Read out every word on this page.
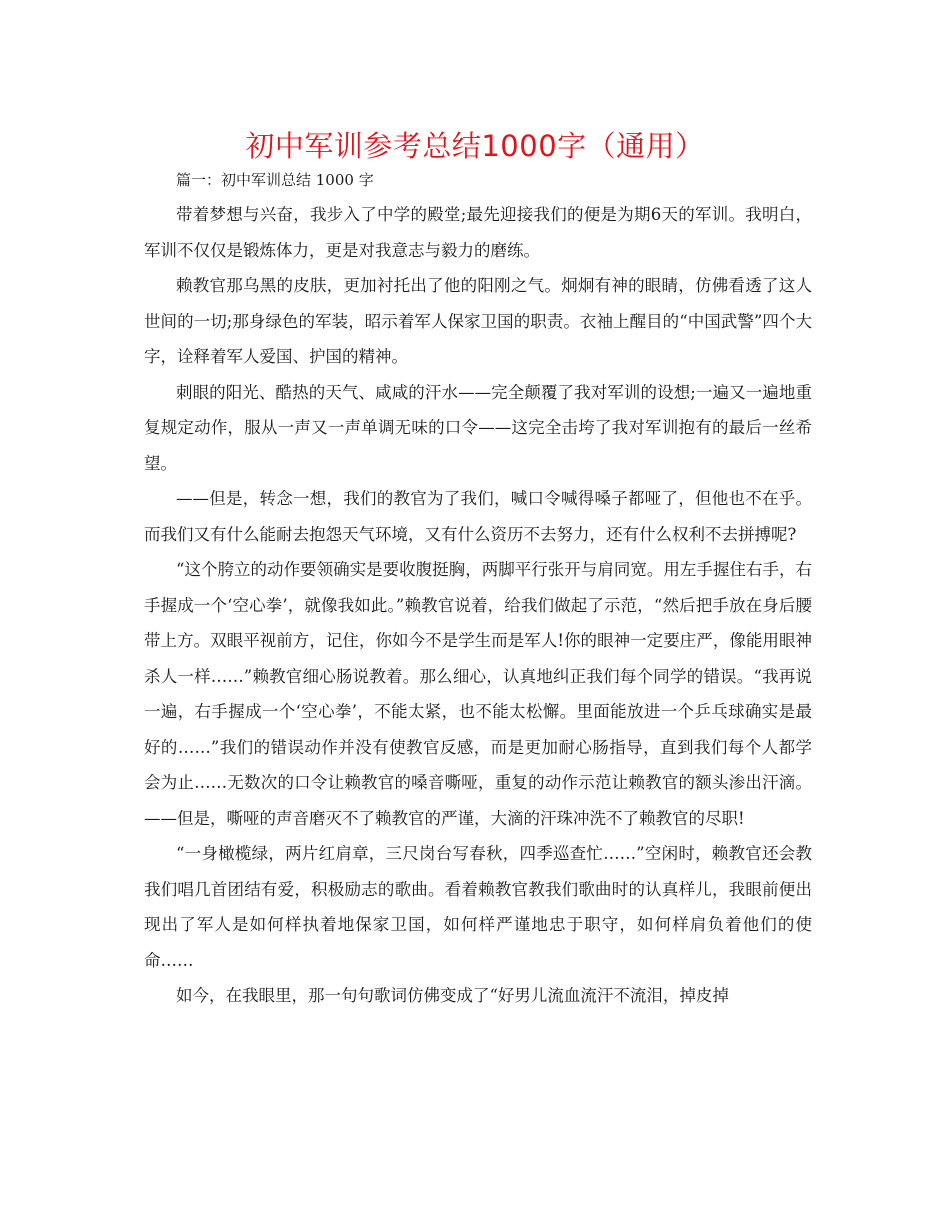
初中军训参考总结1000字（通用）

篇一：初中军训总结 1000 字

带着梦想与兴奋，我步入了中学的殿堂;最先迎接我们的便是为期6天的军训。我明白，军训不仅仅是锻炼体力，更是对我意志与毅力的磨练。

赖教官那乌黑的皮肤，更加衬托出了他的阳刚之气。炯炯有神的眼睛，仿佛看透了这人世间的一切;那身绿色的军装，昭示着军人保家卫国的职责。衣袖上醒目的“中国武警”四个大字，诠释着军人爱国、护国的精神。

刺眼的阳光、酷热的天气、咸咸的汗水——完全颠覆了我对军训的设想;一遍又一遍地重复规定动作，服从一声又一声单调无味的口令——这完全击垮了我对军训抱有的最后一丝希望。

——但是，转念一想，我们的教官为了我们，喊口令喊得嗓子都哑了，但他也不在乎。而我们又有什么能耐去抱怨天气环境，又有什么资历不去努力，还有什么权利不去拼搏呢?

“这个胯立的动作要领确实是要收腹挺胸，两脚平行张开与肩同宽。用左手握住右手，右手握成一个‘空心拳’，就像我如此。”赖教官说着，给我们做起了示范，“然后把手放在身后腰带上方。双眼平视前方，记住，你如今不是学生而是军人!你的眼神一定要庄严，像能用眼神杀人一样……”赖教官细心肠说教着。那么细心，认真地纠正我们每个同学的错误。“我再说一遍，右手握成一个‘空心拳’，不能太紧，也不能太松懈。里面能放进一个乒乓球确实是最好的……”我们的错误动作并没有使教官反感，而是更加耐心肠指导，直到我们每个人都学会为止……无数次的口令让赖教官的嗓音嘶哑，重复的动作示范让赖教官的额头渗出汗滴。——但是，嘶哑的声音磨灭不了赖教官的严谨，大滴的汗珠冲洗不了赖教官的尽职!

“一身橄榄绿，两片红肩章，三尺岗台写春秋，四季巡查忙……”空闲时，赖教官还会教我们唱几首团结有爱，积极励志的歌曲。看着赖教官教我们歌曲时的认真样儿，我眼前便出现出了军人是如何样执着地保家卫国，如何样严谨地忠于职守，如何样肩负着他们的使命……

如今，在我眼里，那一句句歌词仿佛变成了“好男儿流血流汗不流泪，掉皮掉
